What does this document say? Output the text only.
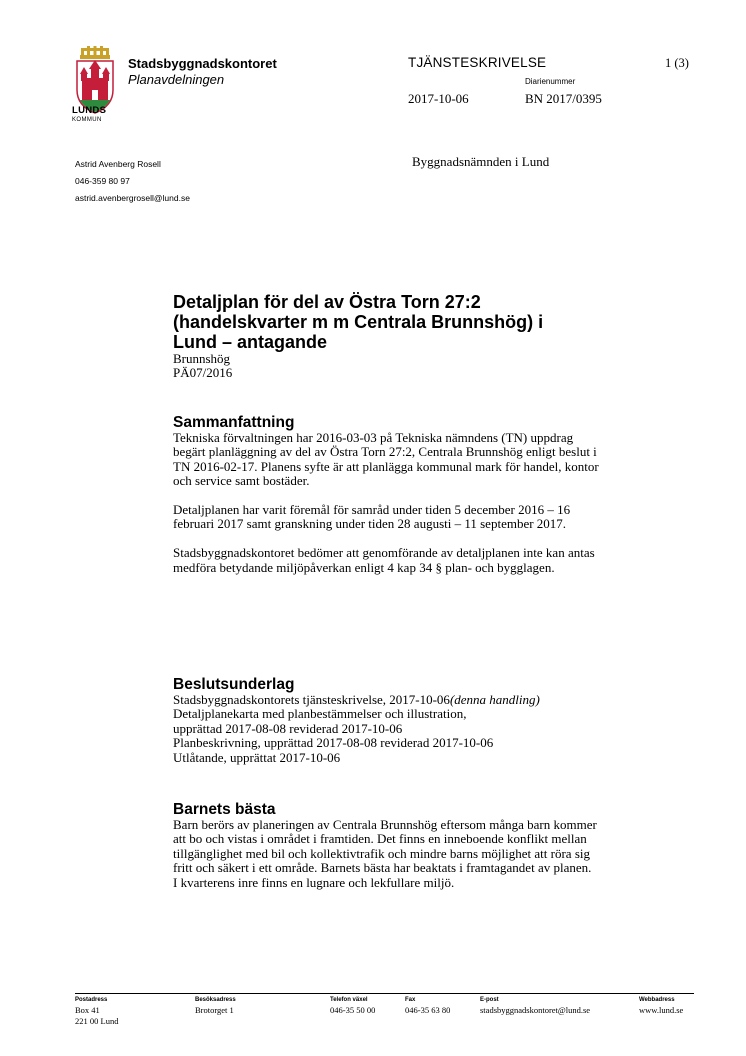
LUNDS
KOMMUN
Stadsbyggnadskontoret
Planavdelningen
TJÄNSTESKRIVELSE	1 (3)
Diarienummer
2017-10-06	BN 2017/0395
Astrid Avenberg Rosell
046-359 80 97
astrid.avenbergrosell@lund.se
Byggnadsnämnden i Lund
Detaljplan för del av Östra Torn 27:2
(handelskvarter m m Centrala Brunnshög) i
Lund – antagande
Brunnshög
PÄ07/2016
Sammanfattning

Tekniska förvaltningen har 2016-03-03 på Tekniska nämndens (TN) uppdrag begärt planläggning av del av Östra Torn 27:2, Centrala Brunnshög enligt beslut i TN 2016-02-17. Planens syfte är att planlägga kommunal mark för handel, kontor och service samt bostäder.

Detaljplanen har varit föremål för samråd under tiden 5 december 2016 – 16 februari 2017 samt granskning under tiden 28 augusti – 11 september 2017.

Stadsbyggnadskontoret bedömer att genomförande av detaljplanen inte kan antas medföra betydande miljöpåverkan enligt 4 kap 34 § plan- och bygglagen.

Beslutsunderlag
Stadsbyggnadskontorets tjänsteskrivelse, 2017-10-06(denna handling)
Detaljplanekarta med planbestämmelser och illustration,
upprättad 2017-08-08 reviderad 2017-10-06
Planbeskrivning, upprättad 2017-08-08 reviderad 2017-10-06
Utlåtande, upprättat 2017-10-06
Barnets bästa

Barn berörs av planeringen av Centrala Brunnshög eftersom många barn kommer att bo och vistas i området i framtiden. Det finns en inneboende konflikt mellan tillgänglighet med bil och kollektivtrafik och mindre barns möjlighet att röra sig fritt och säkert i ett område. Barnets bästa har beaktats i framtagandet av planen. I kvarterens inre finns en lugnare och lekfullare miljö.

Postadress
Box 41
221 00 Lund
Besöksadress
Brotorget 1
Telefon växel
046-35 50 00
Fax
046-35 63 80
E-post
stadsbyggnadskontoret@lund.se
Webbadress
www.lund.se
